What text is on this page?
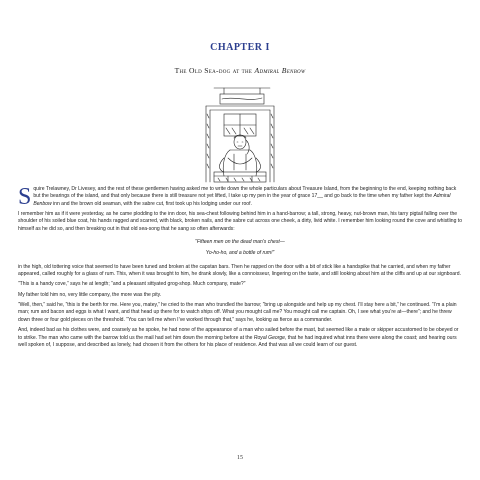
CHAPTER I
The Old Sea-dog at the Admiral Benbow

Squire Trelawney, Dr Livesey, and the rest of these gentlemen having asked me to write down the whole particulars about Treasure Island, from the beginning to the end, keeping nothing back but the bearings of the island, and that only because there is still treasure not yet lifted, I take up my pen in the year of grace 17__ and go back to the time when my father kept the Admiral Benbow inn and the brown old seaman, with the sabre cut, first took up his lodging under our roof.

I remember him as if it were yesterday, as he came plodding to the inn door, his sea-chest following behind him in a hand-barrow; a tall, strong, heavy, nut-brown man, his tarry pigtail falling over the shoulder of his soiled blue coat, his hands ragged and scarred, with black, broken nails, and the sabre cut across one cheek, a dirty, livid white. I remember him looking round the cove and whistling to himself as he did so, and then breaking out in that old sea-song that he sang so often afterwards:

“Fifteen men on the dead man’s chest—

Yo-ho-ho, and a bottle of rum!”

in the high, old tottering voice that seemed to have been tuned and broken at the capstan bars. Then he rapped on the door with a bit of stick like a handspike that he carried, and when my father appeared, called roughly for a glass of rum. This, when it was brought to him, he drank slowly, like a connoisseur, lingering on the taste, and still looking about him at the cliffs and up at our signboard.

“This is a handy cove,” says he at length; “and a pleasant sittyated grog-shop. Much company, mate?”

My father told him no, very little company, the more was the pity.

“Well, then,” said he, “this is the berth for me. Here you, matey,” he cried to the man who trundled the barrow; “bring up alongside and help up my chest. I’ll stay here a bit,” he continued. “I’m a plain man; rum and bacon and eggs is what I want, and that head up there for to watch ships off. What you mought call me? You mought call me captain. Oh, I see what you’re at—there”; and he threw down three or four gold pieces on the threshold. “You can tell me when I’ve worked through that,” says he, looking as fierce as a commander.

And, indeed bad as his clothes were, and coarsely as he spoke, he had none of the appearance of a man who sailed before the mast, but seemed like a mate or skipper accustomed to be obeyed or to strike. The man who came with the barrow told us the mail had set him down the morning before at the Royal George, that he had inquired what inns there were along the coast; and hearing ours well spoken of, I suppose, and described as lonely, had chosen it from the others for his place of residence. And that was all we could learn of our guest.

15
